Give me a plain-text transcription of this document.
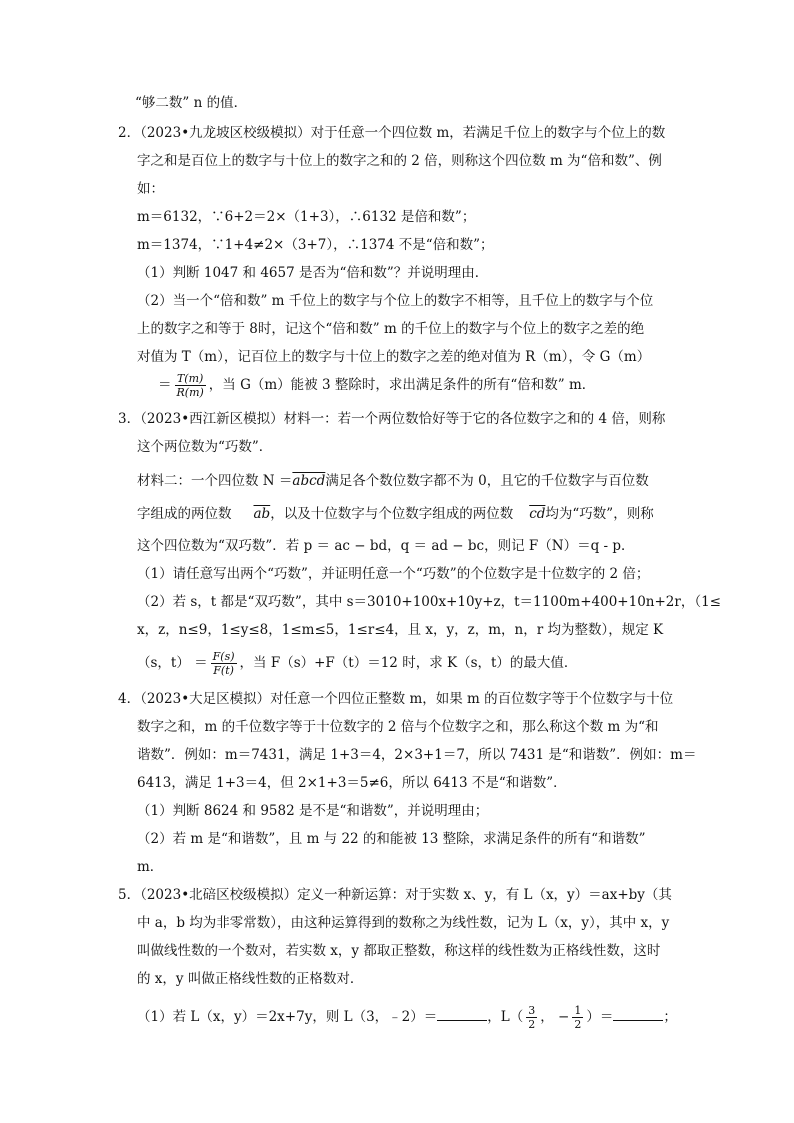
“够二数” n 的值．
2．（2023•九龙坡区校级模拟）对于任意一个四位数 m，若满足千位上的数字与个位上的数
字之和是百位上的数字与十位上的数字之和的 2 倍，则称这个四位数 m 为“倍和数”、例
如：
m＝6132，∵6+2＝2×（1+3），∴6132 是倍和数”；
m＝1374，∵1+4≠2×（3+7），∴1374 不是“倍和数”；
（1）判断 1047 和 4657 是否为“倍和数”？并说明理由．
（2）当一个“倍和数” m 千位上的数字与个位上的数字不相等，且千位上的数字与个位
上的数字之和等于 8时，记这个“倍和数” m 的千位上的数字与个位上的数字之差的绝
对值为 T（m），记百位上的数字与十位上的数字之差的绝对值为 R（m），令 G（m）
＝ $\frac{T(m)}{R(m)}$ ，当 G（m）能被 3 整除时，求出满足条件的所有“倍和数” m．
3．（2023•西江新区模拟）材料一：若一个两位数恰好等于它的各位数字之和的 4 倍，则称
这个两位数为“巧数”．
材料二：一个四位数 N ＝abcd满足各个数位数字都不为 0，且它的千位数字与百位数
字组成的两位数 $\overline{ab}$，以及十位数字与个位数字组成的两位数 $\overline{cd}$均为“巧数”，则称
这个四位数为“双巧数”．若 p ＝ ac − bd，q ＝ ad − bc，则记 F（N）＝q - p．
（1）请任意写出两个“巧数”，并证明任意一个“巧数”的个位数字是十位数字的 2 倍；
（2）若 s，t 都是“双巧数”，其中 s＝3010+100x+10y+z，t＝1100m+400+10n+2r，（1≤
x，z，n≤9，1≤y≤8，1≤m≤5，1≤r≤4，且 x，y，z，m，n，r 均为整数），规定 K
（s，$t) = \frac{F(s)}{F(t)}$ ，当 F（s）+F（t）＝12 时，求 K（s，t）的最大值．
4．（2023•大足区模拟）对任意一个四位正整数 m，如果 m 的百位数字等于个位数字与十位
数字之和，m 的千位数字等于十位数字的 2 倍与个位数字之和，那么称这个数 m 为“和
谐数”．例如：m＝7431，满足 1+3＝4，2×3+1＝7，所以 7431 是“和谐数”．例如：m＝
6413，满足 1+3＝4，但 2×1+3＝5≠6，所以 6413 不是“和谐数”．
（1）判断 8624 和 9582 是不是“和谐数”，并说明理由；
（2）若 m 是“和谐数”，且 m 与 22 的和能被 13 整除，求满足条件的所有“和谐数”
m．
5．（2023•北碚区校级模拟）定义一种新运算：对于实数 x、y，有 L（x，y）＝ax+by（其
中 a，b 均为非零常数），由这种运算得到的数称之为线性数，记为 L（x，y），其中 x，y
叫做线性数的一个数对，若实数 x，y 都取正整数，称这样的线性数为正格线性数，这时
的 x，y 叫做正格线性数的正格数对．
（1）若 L（x，y）＝2x+7y，则 L（3，﹣2）＝	，$L( \frac{3}{2}$ ， − $\frac{1}{2}$ ）＝	；
